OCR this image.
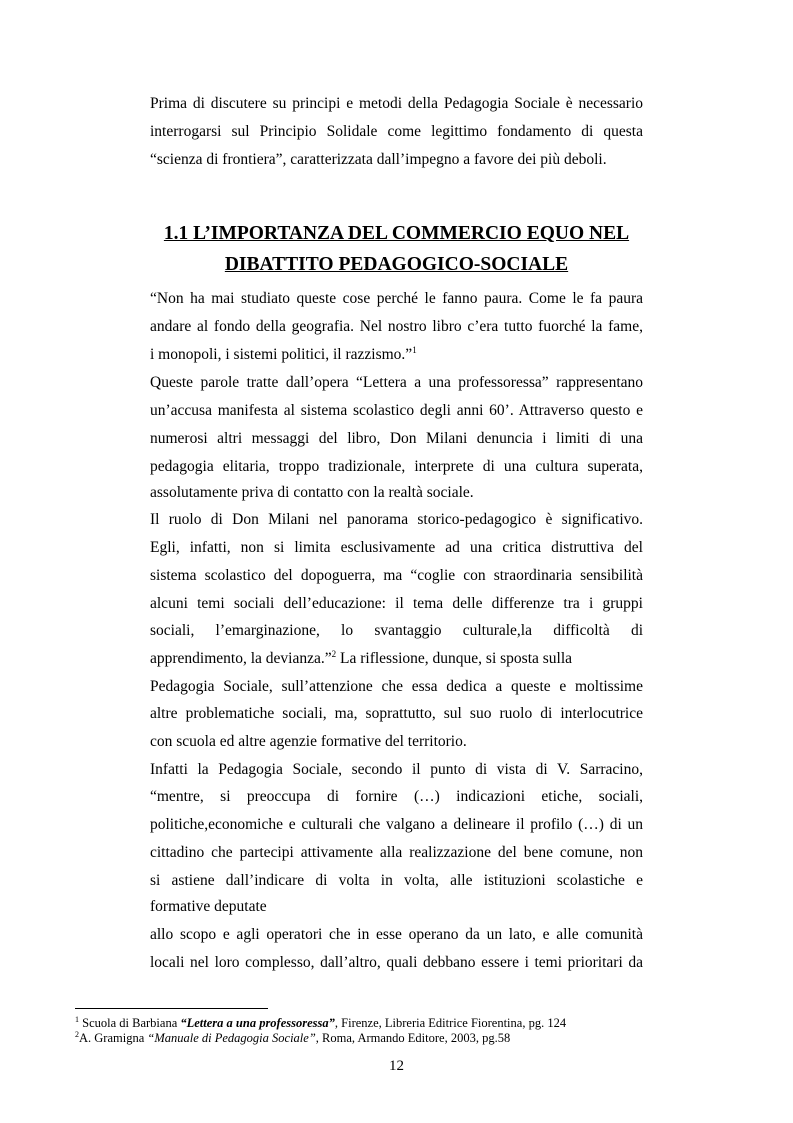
Prima di discutere su principi e metodi della Pedagogia Sociale è necessario
interrogarsi sul Principio Solidale come legittimo fondamento di questa
“scienza di frontiera”, caratterizzata dall’impegno a favore dei più deboli.
1.1 L’IMPORTANZA DEL COMMERCIO EQUO NEL
DIBATTITO PEDAGOGICO-SOCIALE
“Non ha mai studiato queste cose perché le fanno paura. Come le fa paura
andare al fondo della geografia. Nel nostro libro c’era tutto fuorché la fame,
i monopoli, i sistemi politici, il razzismo.”$^1$
Queste parole tratte dall’opera “Lettera a una professoressa” rappresentano
un’accusa manifesta al sistema scolastico degli anni 60’. Attraverso questo e
numerosi altri messaggi del libro, Don Milani denuncia i limiti di una
pedagogia elitaria, troppo tradizionale, interprete di una cultura superata,
assolutamente priva di contatto con la realtà sociale.
Il ruolo di Don Milani nel panorama storico-pedagogico è significativo.
Egli, infatti, non si limita esclusivamente ad una critica distruttiva del
sistema scolastico del dopoguerra, ma “coglie con straordinaria sensibilità
alcuni temi sociali dell’educazione: il tema delle differenze tra i gruppi
sociali, l’emarginazione, lo svantaggio culturale,la difficoltà di
apprendimento, la devianza.”$^2$ La riflessione, dunque, si sposta sulla
Pedagogia Sociale, sull’attenzione che essa dedica a queste e moltissime
altre problematiche sociali, ma, soprattutto, sul suo ruolo di interlocutrice
con scuola ed altre agenzie formative del territorio.
Infatti la Pedagogia Sociale, secondo il punto di vista di V. Sarracino,
“mentre, si preoccupa di fornire (…) indicazioni etiche, sociali,
politiche,economiche e culturali che valgano a delineare il profilo (…) di un
cittadino che partecipi attivamente alla realizzazione del bene comune, non
si astiene dall’indicare di volta in volta, alle istituzioni scolastiche e
formative deputate
allo scopo e agli operatori che in esse operano da un lato, e alle comunità
locali nel loro complesso, dall’altro, quali debbano essere i temi prioritari da
$^1$ Scuola di Barbiana “Lettera a una professoressa”, Firenze, Libreria Editrice Fiorentina, pg. 124
$^2$A. Gramigna “Manuale di Pedagogia Sociale”, Roma, Armando Editore, 2003, pg.58
12
